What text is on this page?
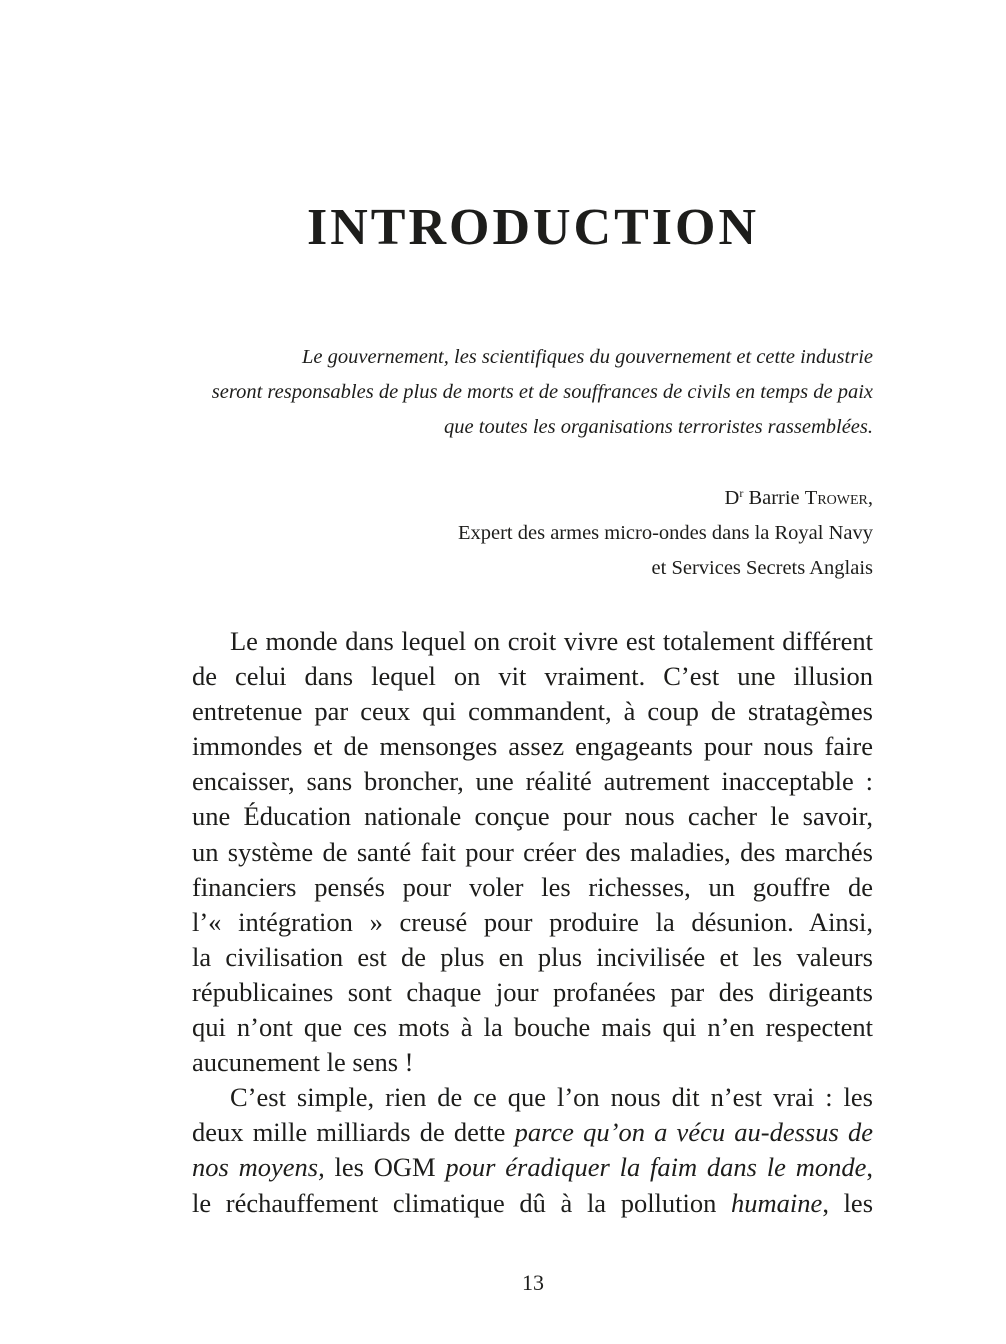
INTRODUCTION
Le gouvernement, les scientifiques du gouvernement et cette industrie
seront responsables de plus de morts et de souffrances de civils en temps de paix
que toutes les organisations terroristes rassemblées.
$D^r$ Barrie Trower,
Expert des armes micro-ondes dans la Royal Navy
et Services Secrets Anglais
Le monde dans lequel on croit vivre est totalement différent
de celui dans lequel on vit vraiment. C’est une illusion
entretenue par ceux qui commandent, à coup de stratagèmes
immondes et de mensonges assez engageants pour nous faire
encaisser, sans broncher, une réalité autrement inacceptable :
une Éducation nationale conçue pour nous cacher le savoir,
un système de santé fait pour créer des maladies, des marchés
financiers pensés pour voler les richesses, un gouffre de
l’« intégration » creusé pour produire la désunion. Ainsi,
la civilisation est de plus en plus incivilisée et les valeurs
républicaines sont chaque jour profanées par des dirigeants
qui n’ont que ces mots à la bouche mais qui n’en respectent
aucunement le sens !
C’est simple, rien de ce que l’on nous dit n’est vrai : les
deux mille milliards de dette parce qu’on a vécu au-dessus de
nos moyens, les OGM pour éradiquer la faim dans le monde,
le réchauffement climatique dû à la pollution humaine, les
13
